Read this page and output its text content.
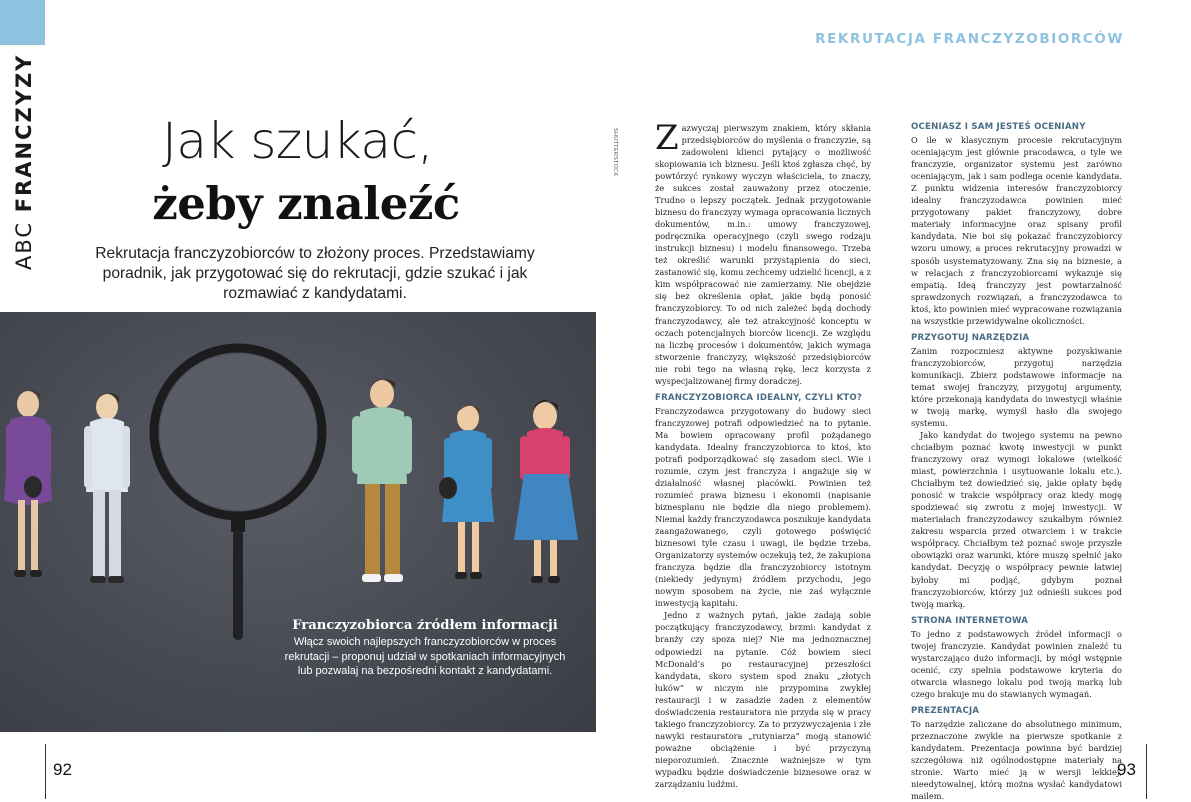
ABC FRANCZYZY	Jak szukać,
żeby znaleźć
Rekrutacja franczyzobiorców to złożony proces. Przedstawiamy poradnik, jak przygotować się do rekrutacji, gdzie szukać i jak rozmawiać z kandydatami.
Franczyzobiorca źródłem informacji
Włącz swoich najlepszych franczyzobiorców w proces rekrutacji – proponuj udział w spotkaniach informacyjnych lub pozwalaj na bezpośredni kontakt z kandydatami.
92
REKRUTACJA FRANCZYZOBIORCÓW
SHUTTERSTOCK Zazwyczaj pierwszym znakiem, który skłania przedsiębiorców do myślenia o franczyzie, są zadowoleni klienci pytający o możliwość skopiowania ich biznesu. Jeśli ktoś zgłasza chęć, by powtórzyć rynkowy wyczyn właściciela, to znaczy, że sukces został zauważony przez otoczenie. Trudno o lepszy początek. Jednak przygotowanie biznesu do franczyzy wymaga opracowania licznych dokumentów, m.in.: umowy franczyzowej, podręcznika operacyjnego (czyli swego rodzaju instrukcji biznesu) i modelu finansowego. Trzeba też określić warunki przystąpienia do sieci, zastanowić się, komu zechcemy udzielić licencji, a z kim współpracować nie zamierzamy. Nie obejdzie się bez określenia opłat, jakie będą ponosić franczyzobiorcy. To od nich zależeć będą dochody franczyzodawcy, ale też atrakcyjność konceptu w oczach potencjalnych biorców licencji. Ze względu na liczbę procesów i dokumentów, jakich wymaga stworzenie franczyzy, większość przedsiębiorców nie robi tego na własną rękę, lecz korzysta z wyspecjalizowanej firmy doradczej.

FRANCZYZOBIORCA IDEALNY, CZYLI KTO?

Franczyzodawca przygotowany do budowy sieci franczyzowej potrafi odpowiedzieć na to pytanie. Ma bowiem opracowany profil pożądanego kandydata. Idealny franczyzobiorca to ktoś, kto potrafi podporządkować się zasadom sieci. Wie i rozumie, czym jest franczyza i angażuje się w działalność własnej placówki. Powinien też rozumieć prawa biznesu i ekonomii (napisanie biznesplanu nie będzie dla niego problemem). Niemal każdy franczyzodawca poszukuje kandydata zaangażowanego, czyli gotowego poświęcić biznesowi tyle czasu i uwagi, ile będzie trzeba. Organizatorzy systemów oczekują też, że zakupiona franczyza będzie dla franczyzobiorcy istotnym (niekiedy jedynym) źródłem przychodu, jego nowym sposobem na życie, nie zaś wyłącznie inwestycją kapitału.

Jedno z ważnych pytań, jakie zadają sobie początkujący franczyzodawcy, brzmi: kandydat z branży czy spoza niej? Nie ma jednoznacznej odpowiedzi na pytanie. Cóż bowiem sieci McDonald’s po restauracyjnej przeszłości kandydata, skoro system spod znaku „złotych łuków” w niczym nie przypomina zwykłej restauracji i w zasadzie żaden z elementów doświadczenia restauratora nie przyda się w pracy takiego franczyzobiorcy. Za to przyzwyczajenia i złe nawyki restauratora „rutyniarza” mogą stanowić poważne obciążenie i być przyczyną nieporozumień. Znacznie ważniejsze w tym wypadku będzie doświadczenie biznesowe oraz w zarządzaniu ludźmi.

OCENIASZ I SAM JESTEŚ OCENIANY

O ile w klasycznym procesie rekrutacyjnym oceniającym jest głównie pracodawca, o tyle we franczyzie, organizator systemu jest zarówno oceniającym, jak i sam podlega ocenie kandydata. Z punktu widzenia interesów franczyzobiorcy idealny franczyzodawca powinien mieć przygotowany pakiet franczyzowy, dobre materiały informacyjne oraz spisany profil kandydata. Nie boi się pokazać franczyzobiorcy wzoru umowy, a proces rekrutacyjny prowadzi w sposób usystematyzowany. Zna się na biznesie, a w relacjach z franczyzobiorcami wykazuje się empatią. Ideą franczyzy jest powtarzalność sprawdzonych rozwiązań, a franczyzodawca to ktoś, kto powinien mieć wypracowane rozwiązania na wszystkie przewidywalne okoliczności.

PRZYGOTUJ NARZĘDZIA

Zanim rozpoczniesz aktywne pozyskiwanie franczyzobiorców, przygotuj narzędzia komunikacji. Zbierz podstawowe informacje na temat swojej franczyzy, przygotuj argumenty, które przekonają kandydata do inwestycji właśnie w twoją markę, wymyśl hasło dla swojego systemu.

Jako kandydat do twojego systemu na pewno chciałbym poznać kwotę inwestycji w punkt franczyzowy oraz wymogi lokalowe (wielkość miast, powierzchnia i usytuowanie lokalu etc.). Chciałbym też dowiedzieć się, jakie opłaty będę ponosić w trakcie współpracy oraz kiedy mogę spodziewać się zwrotu z mojej inwestycji. W materiałach franczyzodawcy szukałbym również zakresu wsparcia przed otwarciem i w trakcie współpracy. Chciałbym też poznać swoje przyszłe obowiązki oraz warunki, które muszę spełnić jako kandydat. Decyzję o współpracy pewnie łatwiej byłoby mi podjąć, gdybym poznał franczyzobiorców, którzy już odnieśli sukces pod twoją marką.

STRONA INTERNETOWA

To jedno z podstawowych źródeł informacji o twojej franczyzie. Kandydat powinien znaleźć tu wystarczająco dużo informacji, by mógł wstępnie ocenić, czy spełnia podstawowe kryteria do otwarcia własnego lokalu pod twoją marką lub czego brakuje mu do stawianych wymagań.

PREZENTACJA

To narzędzie zaliczane do absolutnego minimum, przeznaczone zwykle na pierwsze spotkanie z kandydatem. Prezentacja powinna być bardziej szczegółowa niż ogólnodostępne materiały na stronie. Warto mieć ją w wersji lekkiej, nieedytowalnej, którą można wysłać kandydatowi mailem.

93
